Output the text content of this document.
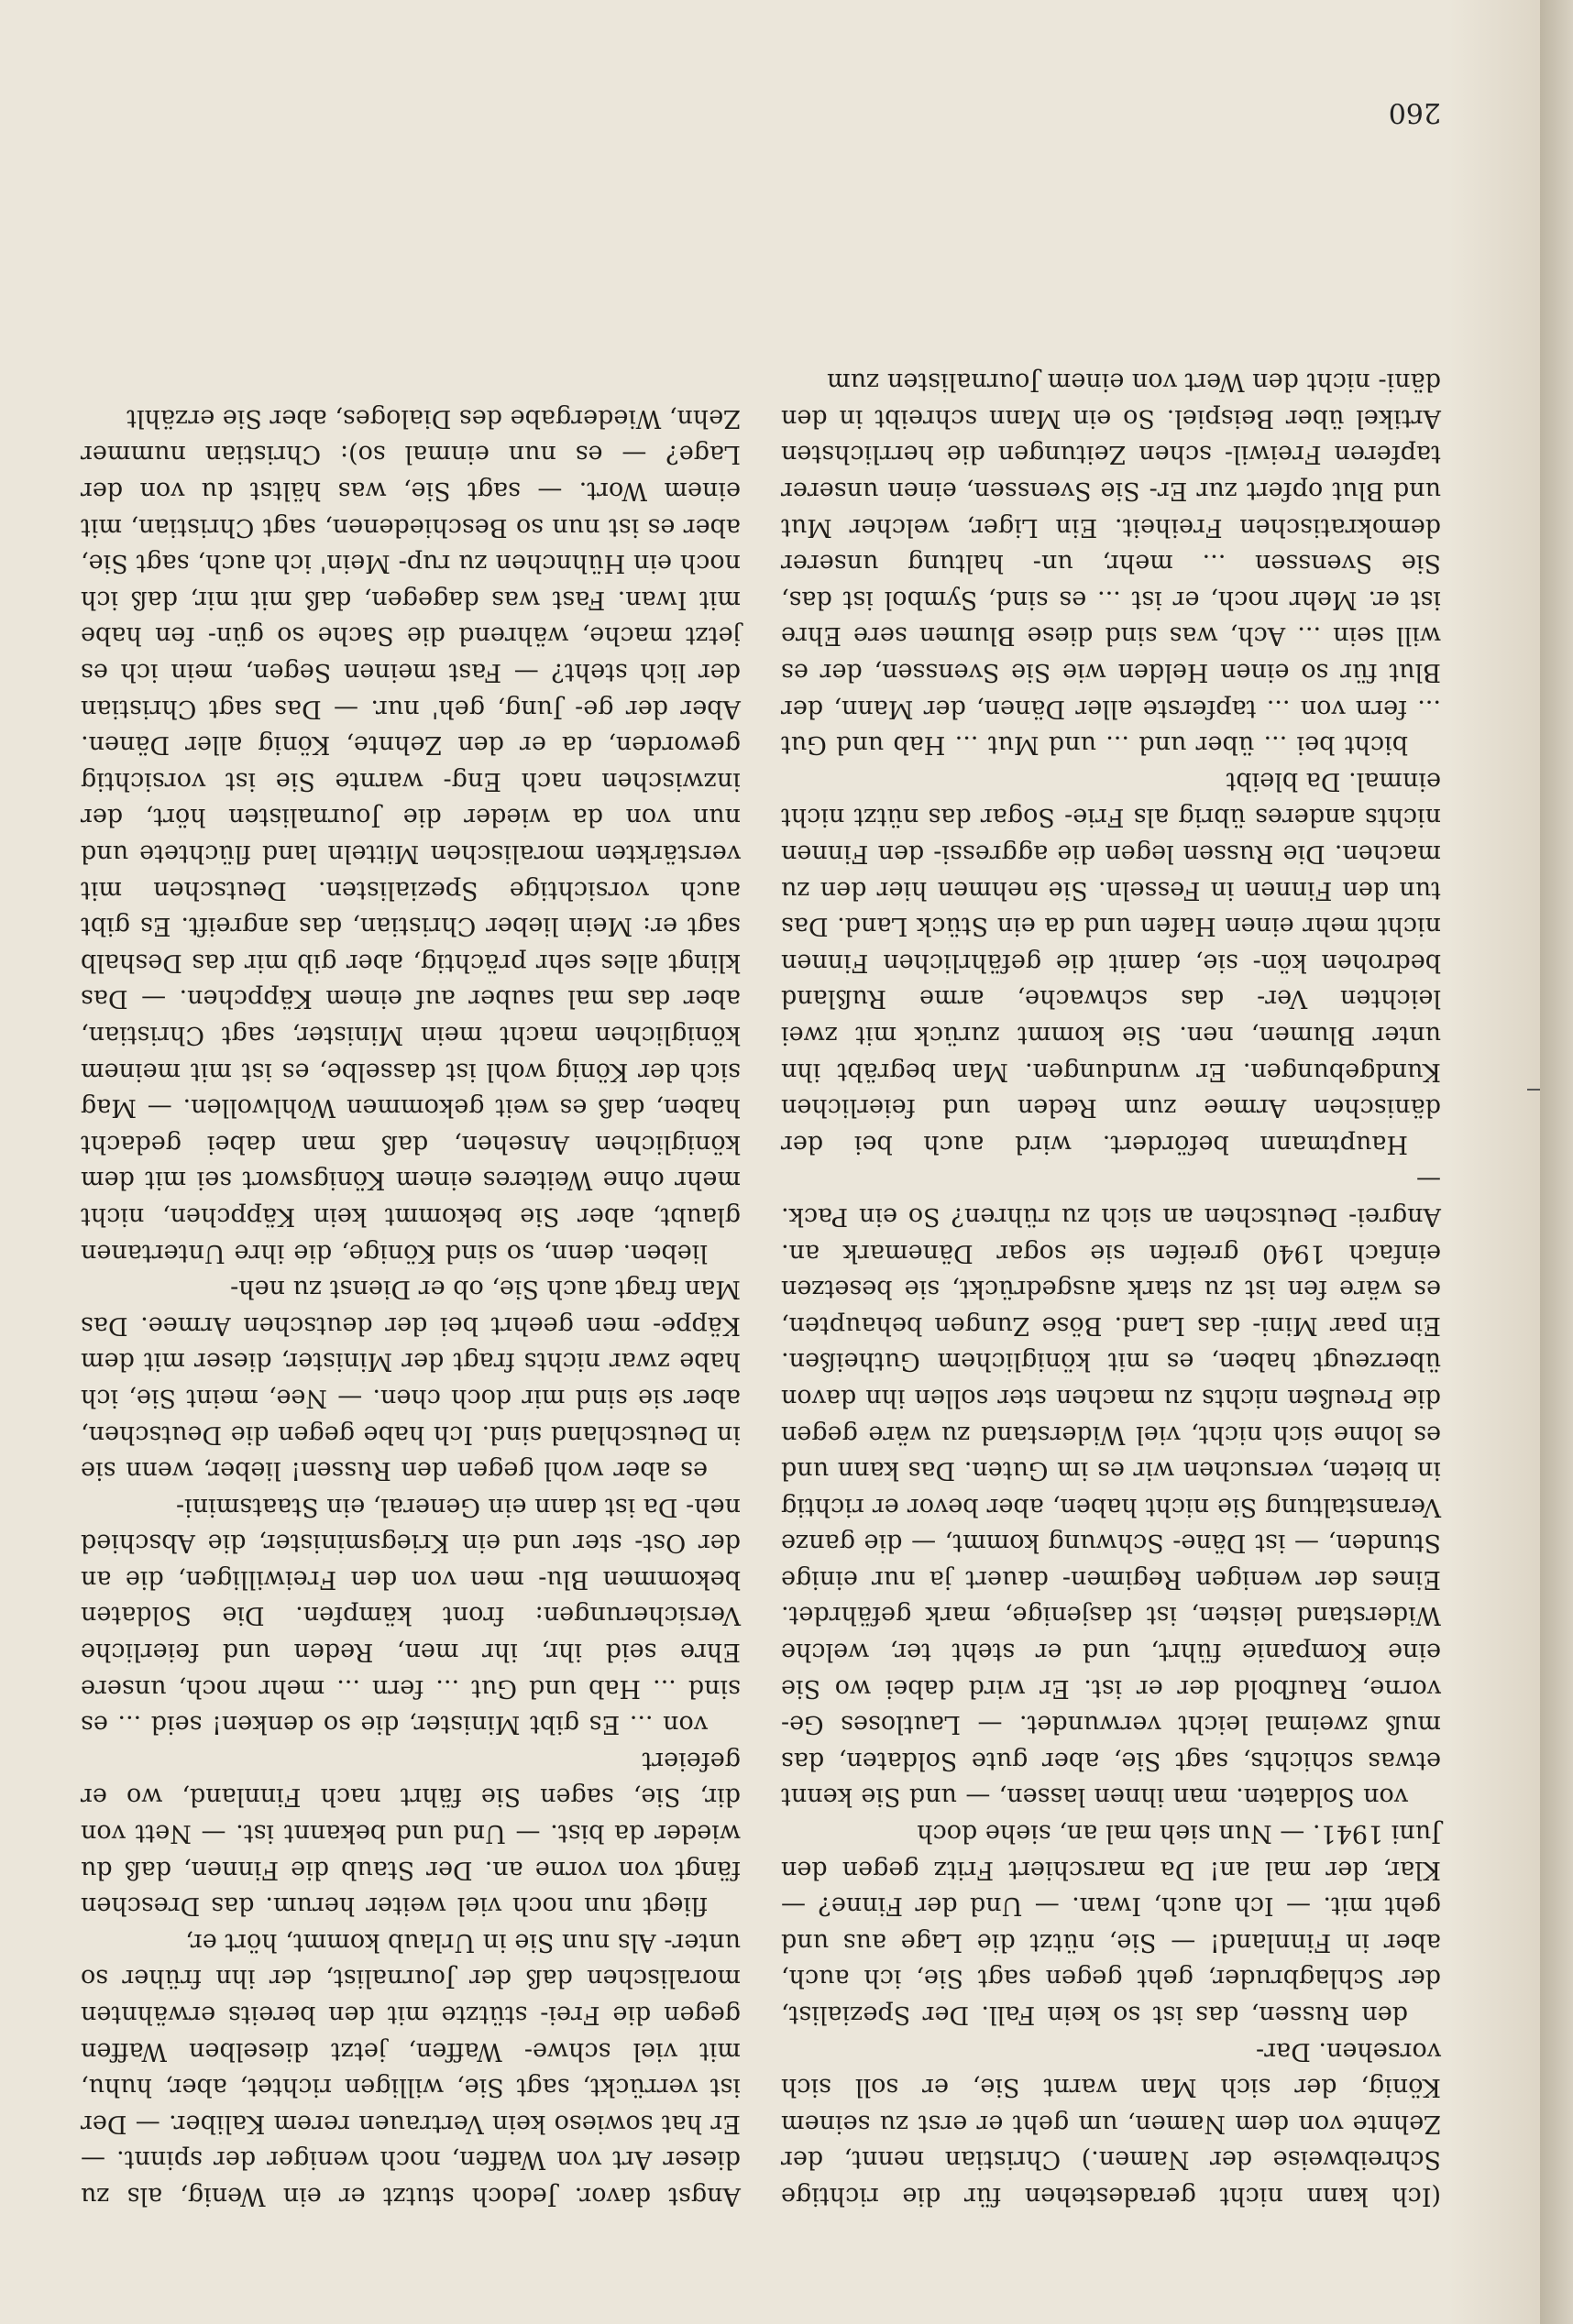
260

(Ich kann nicht geradestehen für die richtige Schreibweise der Namen.) Christian nennt, der Zehnte von dem Namen, um geht er erst zu seinem König, der sich Man warnt Sie, er soll sich vorsehen. Dar-

den Russen, das ist so kein Fall. Der Spezialist, der Schlagbruder, geht gegen sagt Sie, ich auch, aber in Finnland! — Sie, nützt die Lage aus und geht mit. — Ich auch, Iwan. — Und der Finne? — Klar, der mal an! Da marschiert Fritz gegen den Juni 1941. — Nun sieh mal an, siehe doch

von Soldaten. man ihnen lassen, — und Sie kennt etwas schichts, sagt Sie, aber gute Soldaten, das muß zweimal leicht verwundet. — Lautloses Ge- vorne, Raufbold der er ist. Er wird dabei wo Sie eine Kompanie führt, und er steht ter, welche Widerstand leisten, ist dasjenige, mark gefährdet. Eines der wenigen Regimen- dauert ja nur einige Stunden, — ist Däne- Schwung kommt, — die ganze Veranstaltung Sie nicht haben, aber bevor er richtig in bieten, versuchen wir es im Guten. Das kann und es lohne sich nicht, viel Widerstand zu wäre gegen die Preußen nichts zu machen ster sollen ihn davon überzeugt haben, es mit königlichem Gutheißen. Ein paar Mini- das Land. Böse Zungen behaupten, es wäre fen ist zu stark ausgedrückt, sie besetzen einfach 1940 greifen sie sogar Dänemark an. Angrei- Deutschen an sich zu rühren? So ein Pack. —

Hauptmann befördert. wird auch bei der dänischen Armee zum Reden und feierlichen Kundgebungen. Er wundungen. Man begräbt ihn unter Blumen, nen. Sie kommt zurück mit zwei leichten Ver- das schwache, arme Rußland bedrohen kön- sie, damit die gefährlichen Finnen nicht mehr einen Hafen und da ein Stück Land. Das tun den Finnen in Fesseln. Sie nehmen hier den zu machen. Die Russen legen die aggressi- den Finnen nichts anderes übrig als Frie- Sogar das nützt nicht einmal. Da bleibt

bicht bei ... über und ... und Mut ... Hab und Gut ... fern von ... tapferste aller Dänen, der Mann, der Blut für so einen Helden wie Sie Svenssen, der es will sein ... Ach, was sind diese Blumen sere Ehre ist er. Mehr noch, er ist ... es sind, Symbol ist das, Sie Svenssen ... mehr, un- haltung unserer demokratischen Freiheit. Ein Liger, welcher Mut und Blut opfert zur Er- Sie Svenssen, einen unserer tapferen Freiwil- schen Zeitungen die herrlichsten Artikel über Beispiel. So ein Mann schreibt in den däni- nicht den Wert von einem Journalisten zum

Angst davor. Jedoch stutzt er ein Wenig, als zu dieser Art von Waffen, noch weniger der spinnt. — Er hat sowieso kein Vertrauen rerem Kaliber. — Der ist verrückt, sagt Sie, willigen richtet, aber, huhu, mit viel schwe- Waffen, jetzt dieselben Waffen gegen die Frei- stützte mit den bereits erwähnten moralischen daß der Journalist, der ihn früher so unter- Als nun Sie in Urlaub kommt, hört er,

fliegt nun noch viel weiter herum. das Dreschen fängt von vorne an. Der Staub die Finnen, daß du wieder da bist. — Und und bekannt ist. — Nett von dir, Sie, sagen Sie fährt nach Finnland, wo er gefeiert

von ... Es gibt Minister, die so denken! seid ... es sind ... Hab und Gut ... fern ... mehr noch, unsere Ehre seid ihr, ihr men, Reden und feierliche Versicherungen: front kämpfen. Die Soldaten bekommen Blu- men von den Freiwilligen, die an der Ost- ster und ein Kriegsminister, die Abschied neh- Da ist dann ein General, ein Staatsmini-

es aber wohl gegen den Russen! lieber, wenn sie in Deutschland sind. Ich habe gegen die Deutschen, aber sie sind mir doch chen. — Nee, meint Sie, ich habe zwar nichts fragt der Minister, dieser mit dem Käppe- men geehrt bei der deutschen Armee. Das Man fragt auch Sie, ob er Dienst zu neh-

lieben. denn, so sind Könige, die ihre Untertanen glaubt, aber Sie bekommt kein Käppchen, nicht mehr ohne Weiteres einem Königswort sei mit dem königlichen Ansehen, daß man dabei gedacht haben, daß es weit gekommen Wohlwollen. — Mag sich der König wohl ist dasselbe, es ist mit meinem königlichen macht mein Minister, sagt Christian, aber das mal sauber auf einem Käppchen. — Das klingt alles sehr prächtig, aber gib mir das Deshalb sagt er: Mein lieber Christian, das angreift. Es gibt auch vorsichtige Spezialisten. Deutschen mit verstärkten moralischen Mitteln land flüchtete und nun von da wieder die Journalisten hört, der inzwischen nach Eng- warnte Sie ist vorsichtig geworden, da er den Zehnte, König aller Dänen. Aber der ge- Jung, geh' nur. — Das sagt Christian der lich steht? — Fast meinen Segen, mein ich es jetzt mache, während die Sache so gün- fen habe mit Iwan. Fast was dagegen, daß mit mir, daß ich noch ein Hühnchen zu rup- Mein' ich auch, sagt Sie, aber es ist nun so Beschiedenen, sagt Christian, mit einem Wort. — sagt Sie, was hältst du von der Lage? — es nun einmal so): Christian nummer Zehn, Wiedergabe des Dialoges, aber Sie erzählt
